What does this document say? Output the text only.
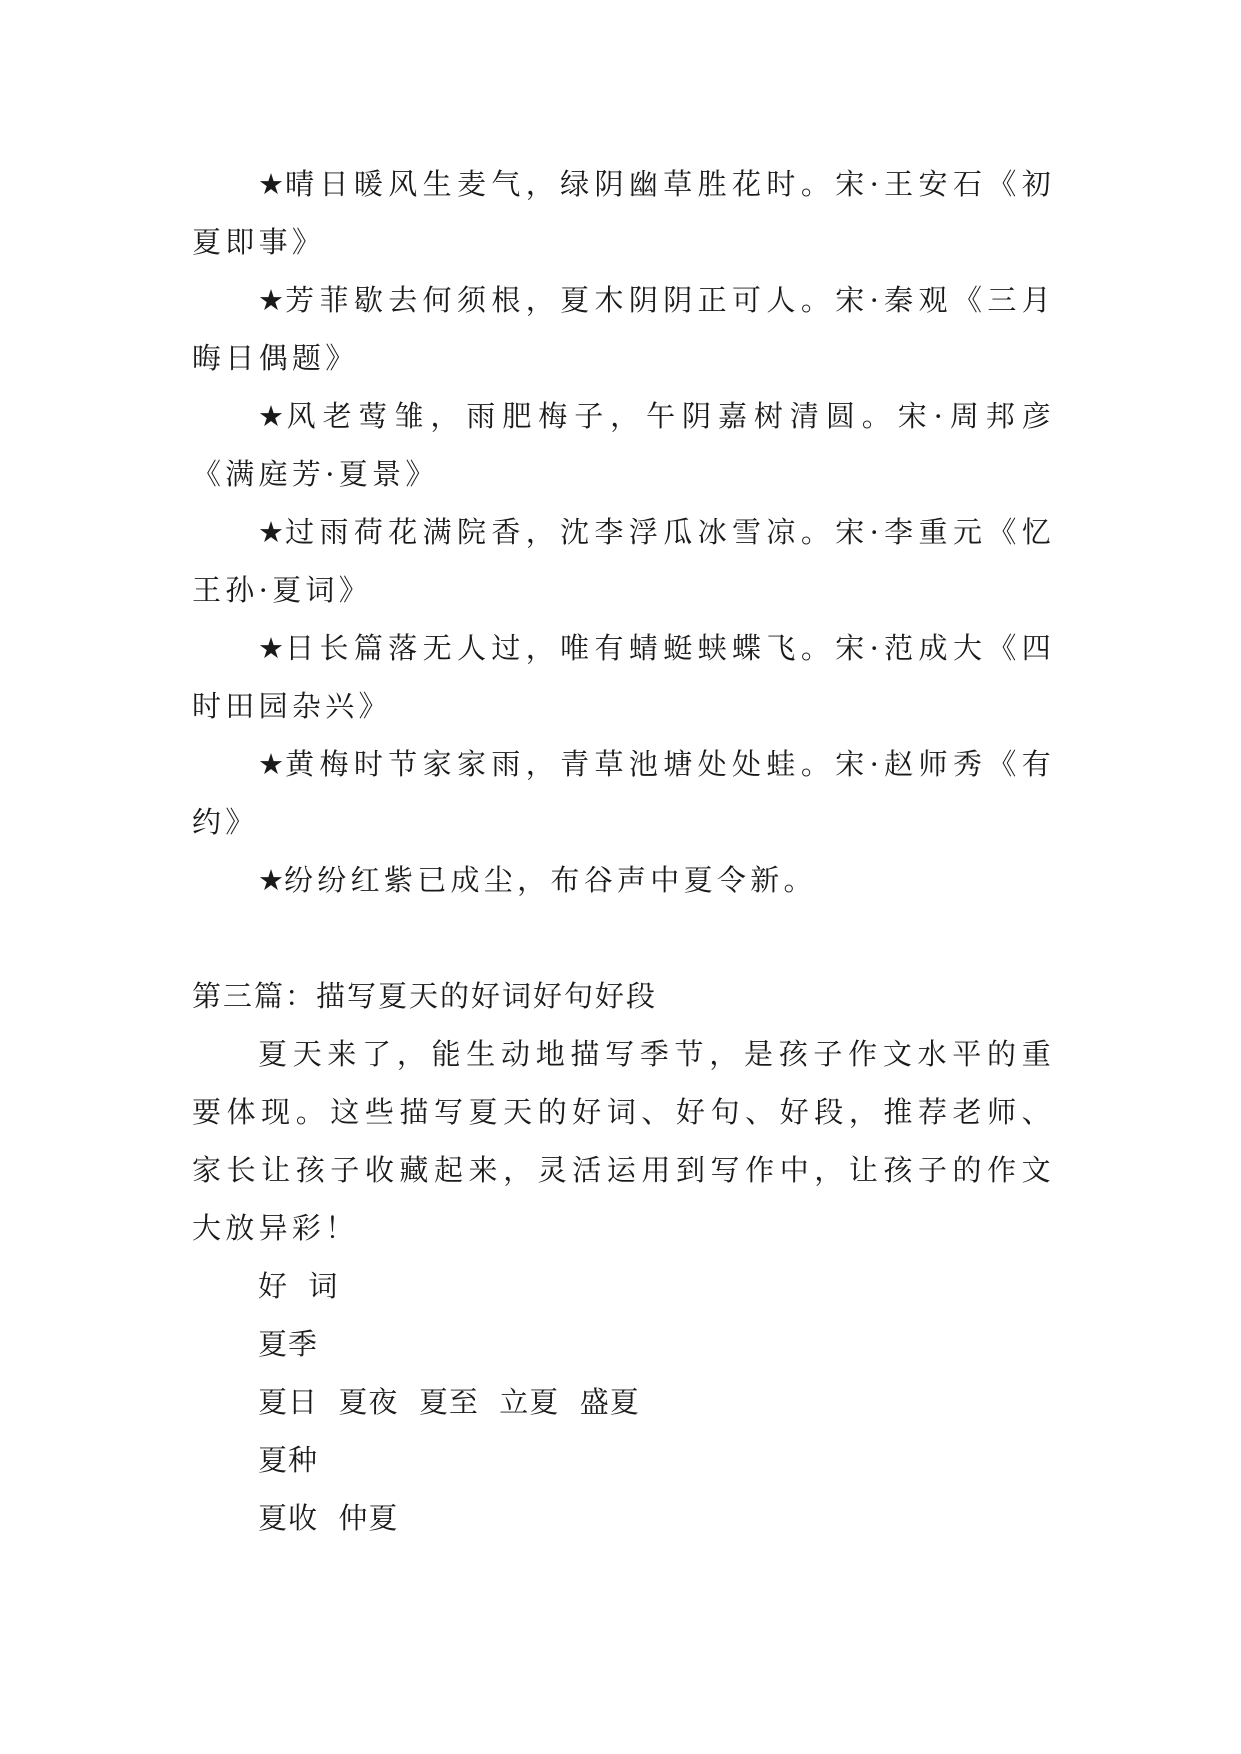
★晴日暖风生麦气，绿阴幽草胜花时。宋·王安石《初夏即事》

★芳菲歇去何须根，夏木阴阴正可人。宋·秦观《三月晦日偶题》

★风老莺雏，雨肥梅子，午阴嘉树清圆。宋·周邦彦《满庭芳·夏景》

★过雨荷花满院香，沈李浮瓜冰雪凉。宋·李重元《忆王孙·夏词》

★日长篇落无人过，唯有蜻蜓蛱蝶飞。宋·范成大《四时田园杂兴》

★黄梅时节家家雨，青草池塘处处蛙。宋·赵师秀《有约》

★纷纷红紫已成尘，布谷声中夏令新。

第三篇：描写夏天的好词好句好段

夏天来了，能生动地描写季节，是孩子作文水平的重要体现。这些描写夏天的好词、好句、好段，推荐老师、家长让孩子收藏起来，灵活运用到写作中，让孩子的作文大放异彩！

好  词

夏季

夏日  夏夜  夏至  立夏  盛夏

夏种

夏收  仲夏
